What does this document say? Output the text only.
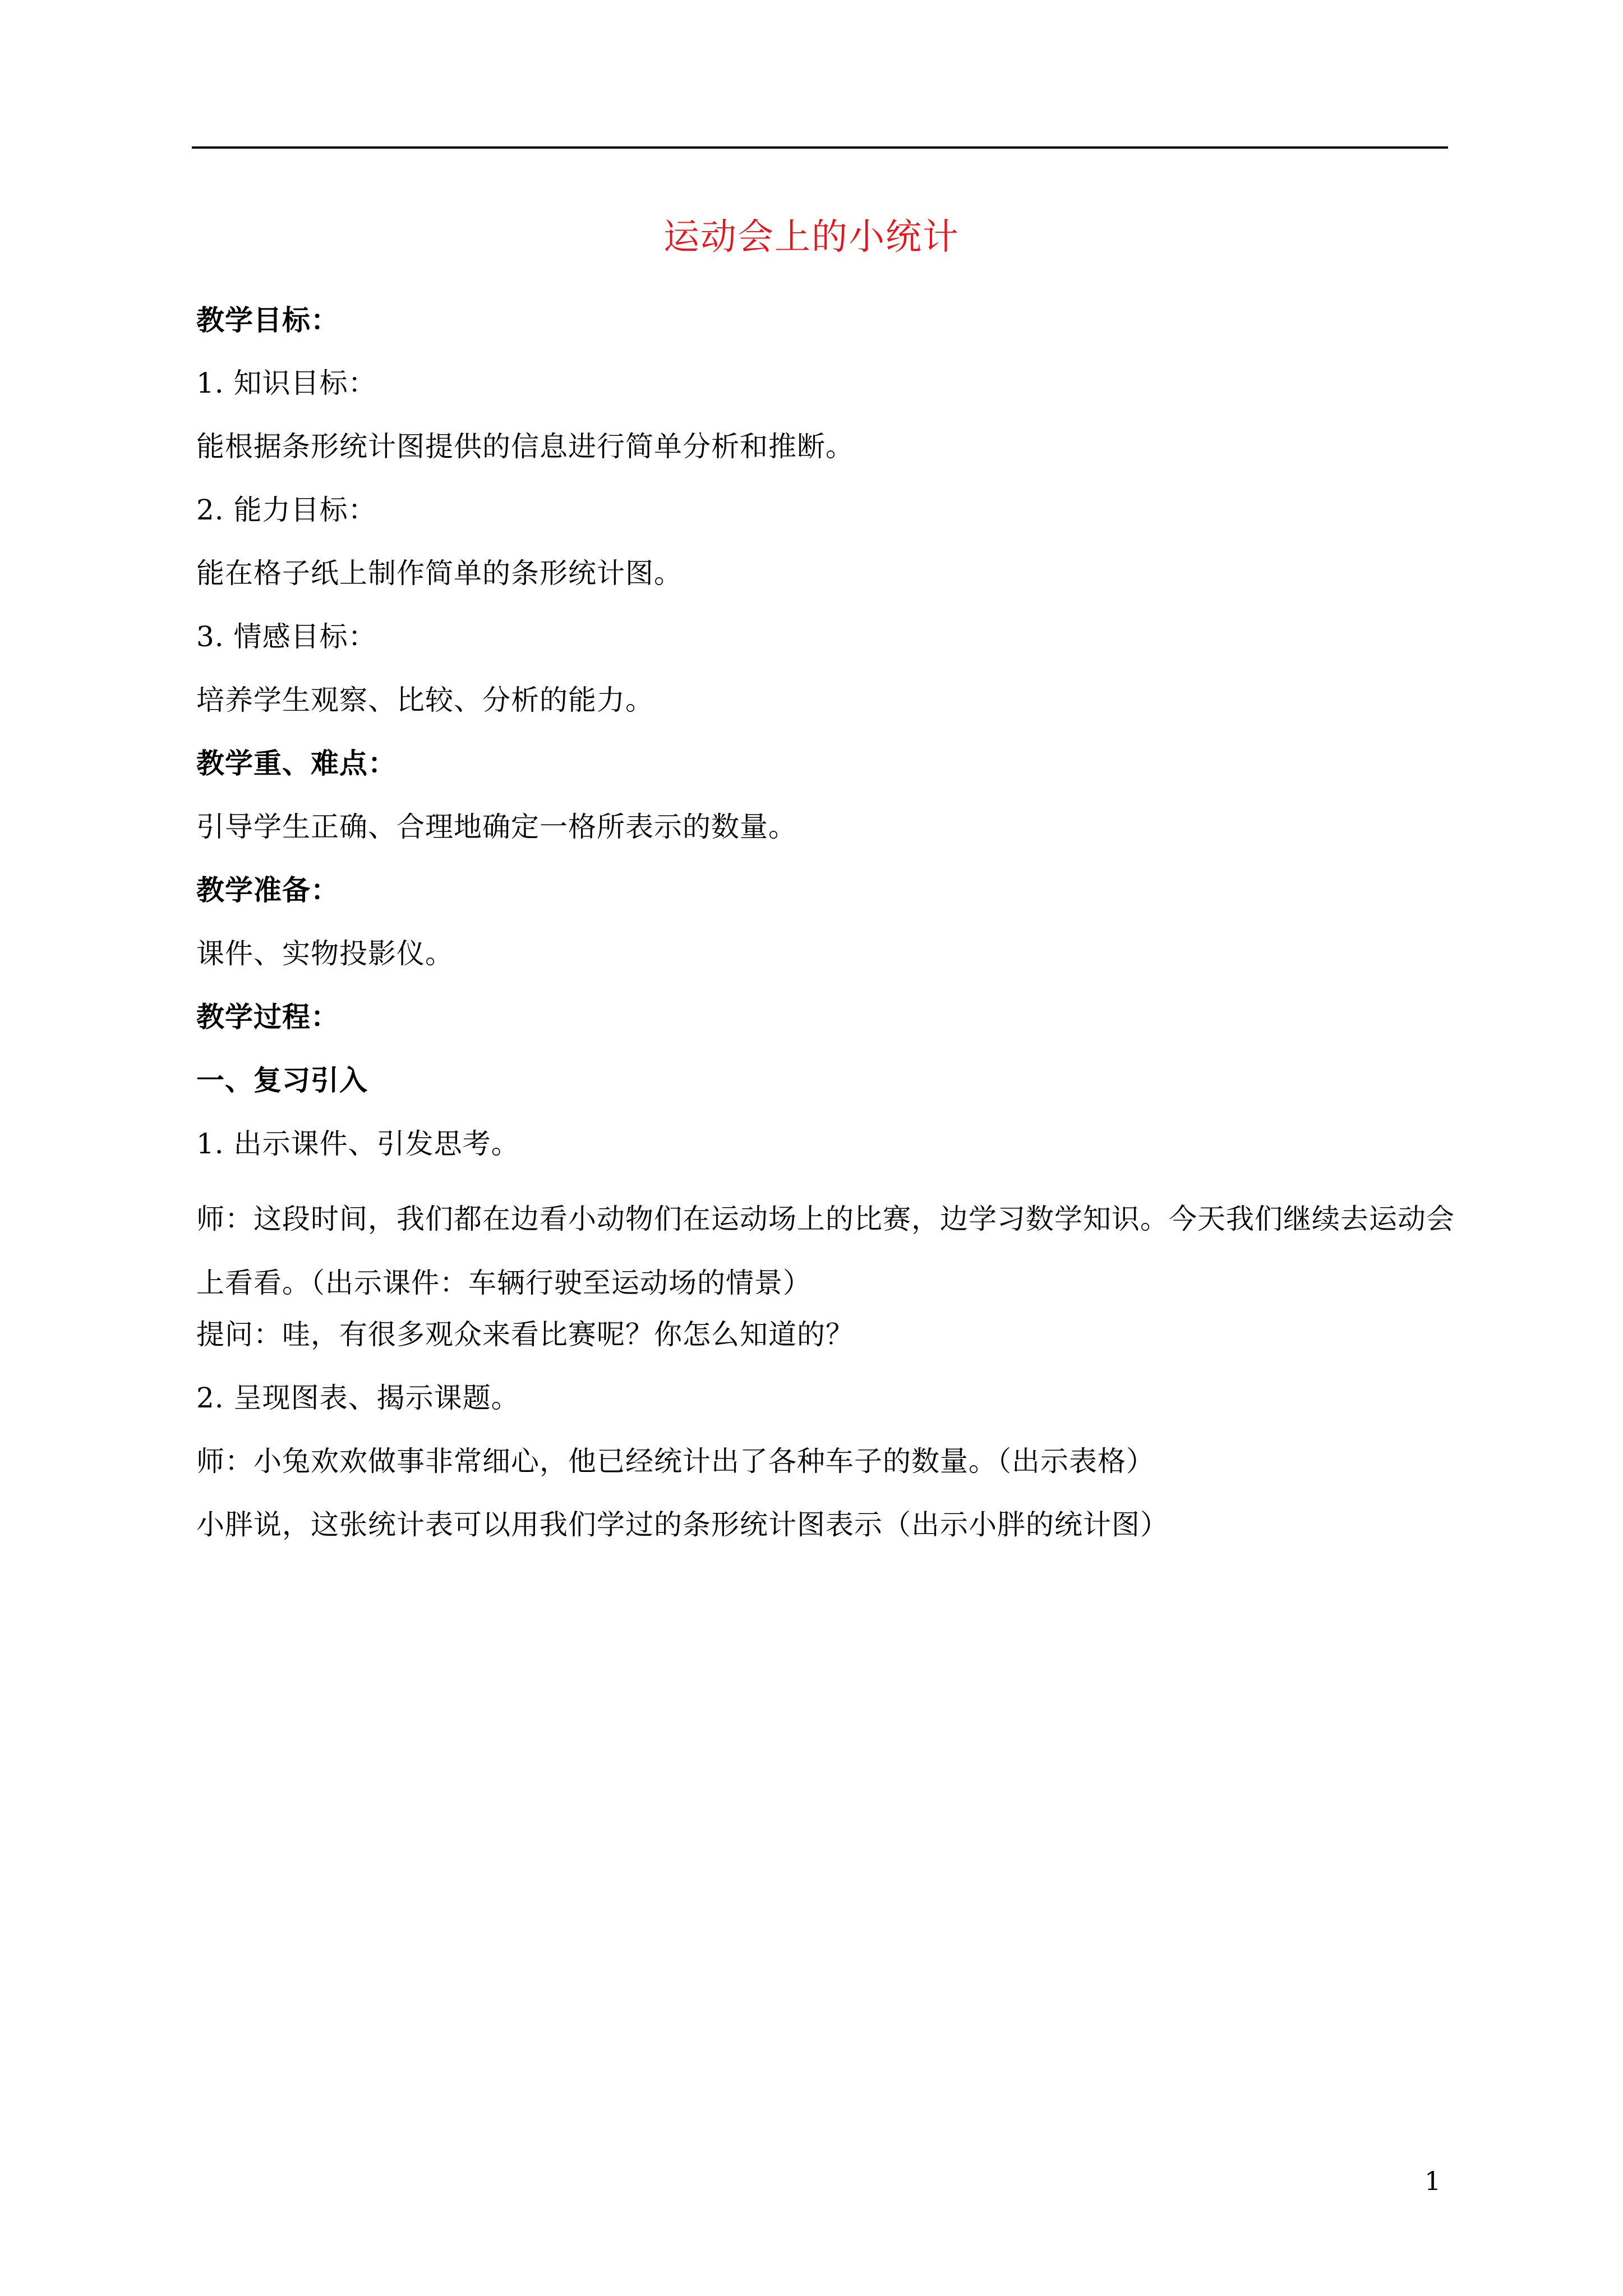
运动会上的小统计
教学目标：
1. 知识目标：
能根据条形统计图提供的信息进行简单分析和推断。
2. 能力目标：
能在格子纸上制作简单的条形统计图。
3. 情感目标：
培养学生观察、比较、分析的能力。
教学重、难点：
引导学生正确、合理地确定一格所表示的数量。
教学准备：
课件、实物投影仪。
教学过程：
一、复习引入
1. 出示课件、引发思考。
师：这段时间，我们都在边看小动物们在运动场上的比赛，边学习数学知识。今天我们继续去运动会上看看。（出示课件：车辆行驶至运动场的情景）
提问：哇，有很多观众来看比赛呢？你怎么知道的？
2. 呈现图表、揭示课题。
师：小兔欢欢做事非常细心，他已经统计出了各种车子的数量。（出示表格）
小胖说，这张统计表可以用我们学过的条形统计图表示（出示小胖的统计图）
1
